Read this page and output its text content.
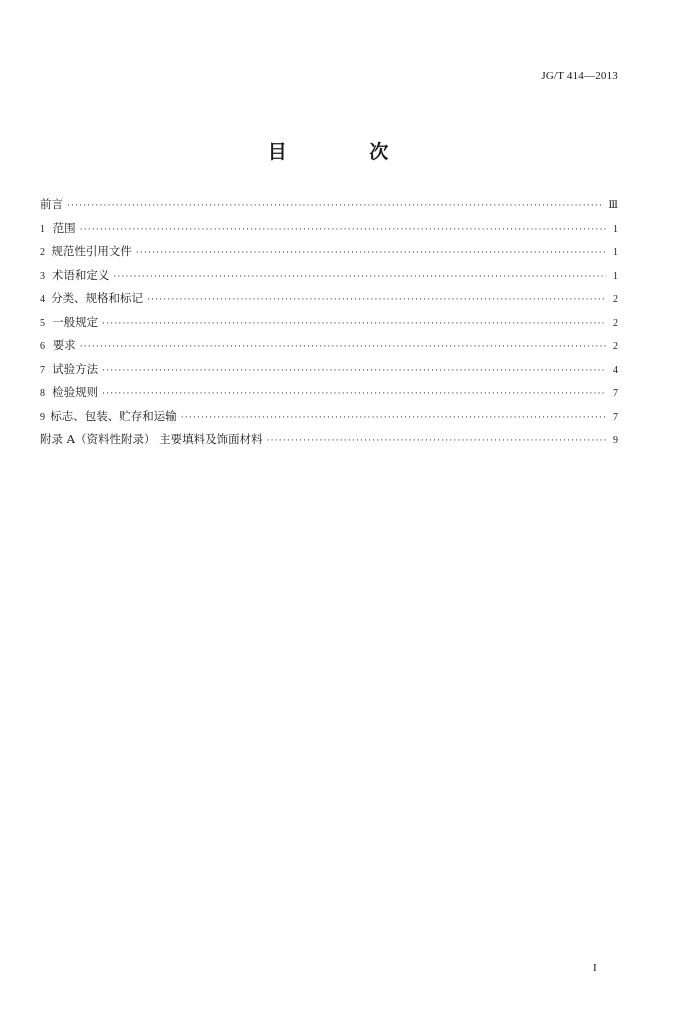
JG/T 414—2013
目 次
前言 ·····	Ⅲ
1 范围 ·····	1
2 规范性引用文件 ·····	1
3 术语和定义 ·····	1
4 分类、规格和标记 ·····	2
5 一般规定 ·····	2
6 要求 ·····	2
7 试验方法 ·····	4
8 检验规则 ·····	7
9 标志、包装、贮存和运输 ·····	7
附录 A（资料性附录） 主要填料及饰面材料 ·····	9
I
